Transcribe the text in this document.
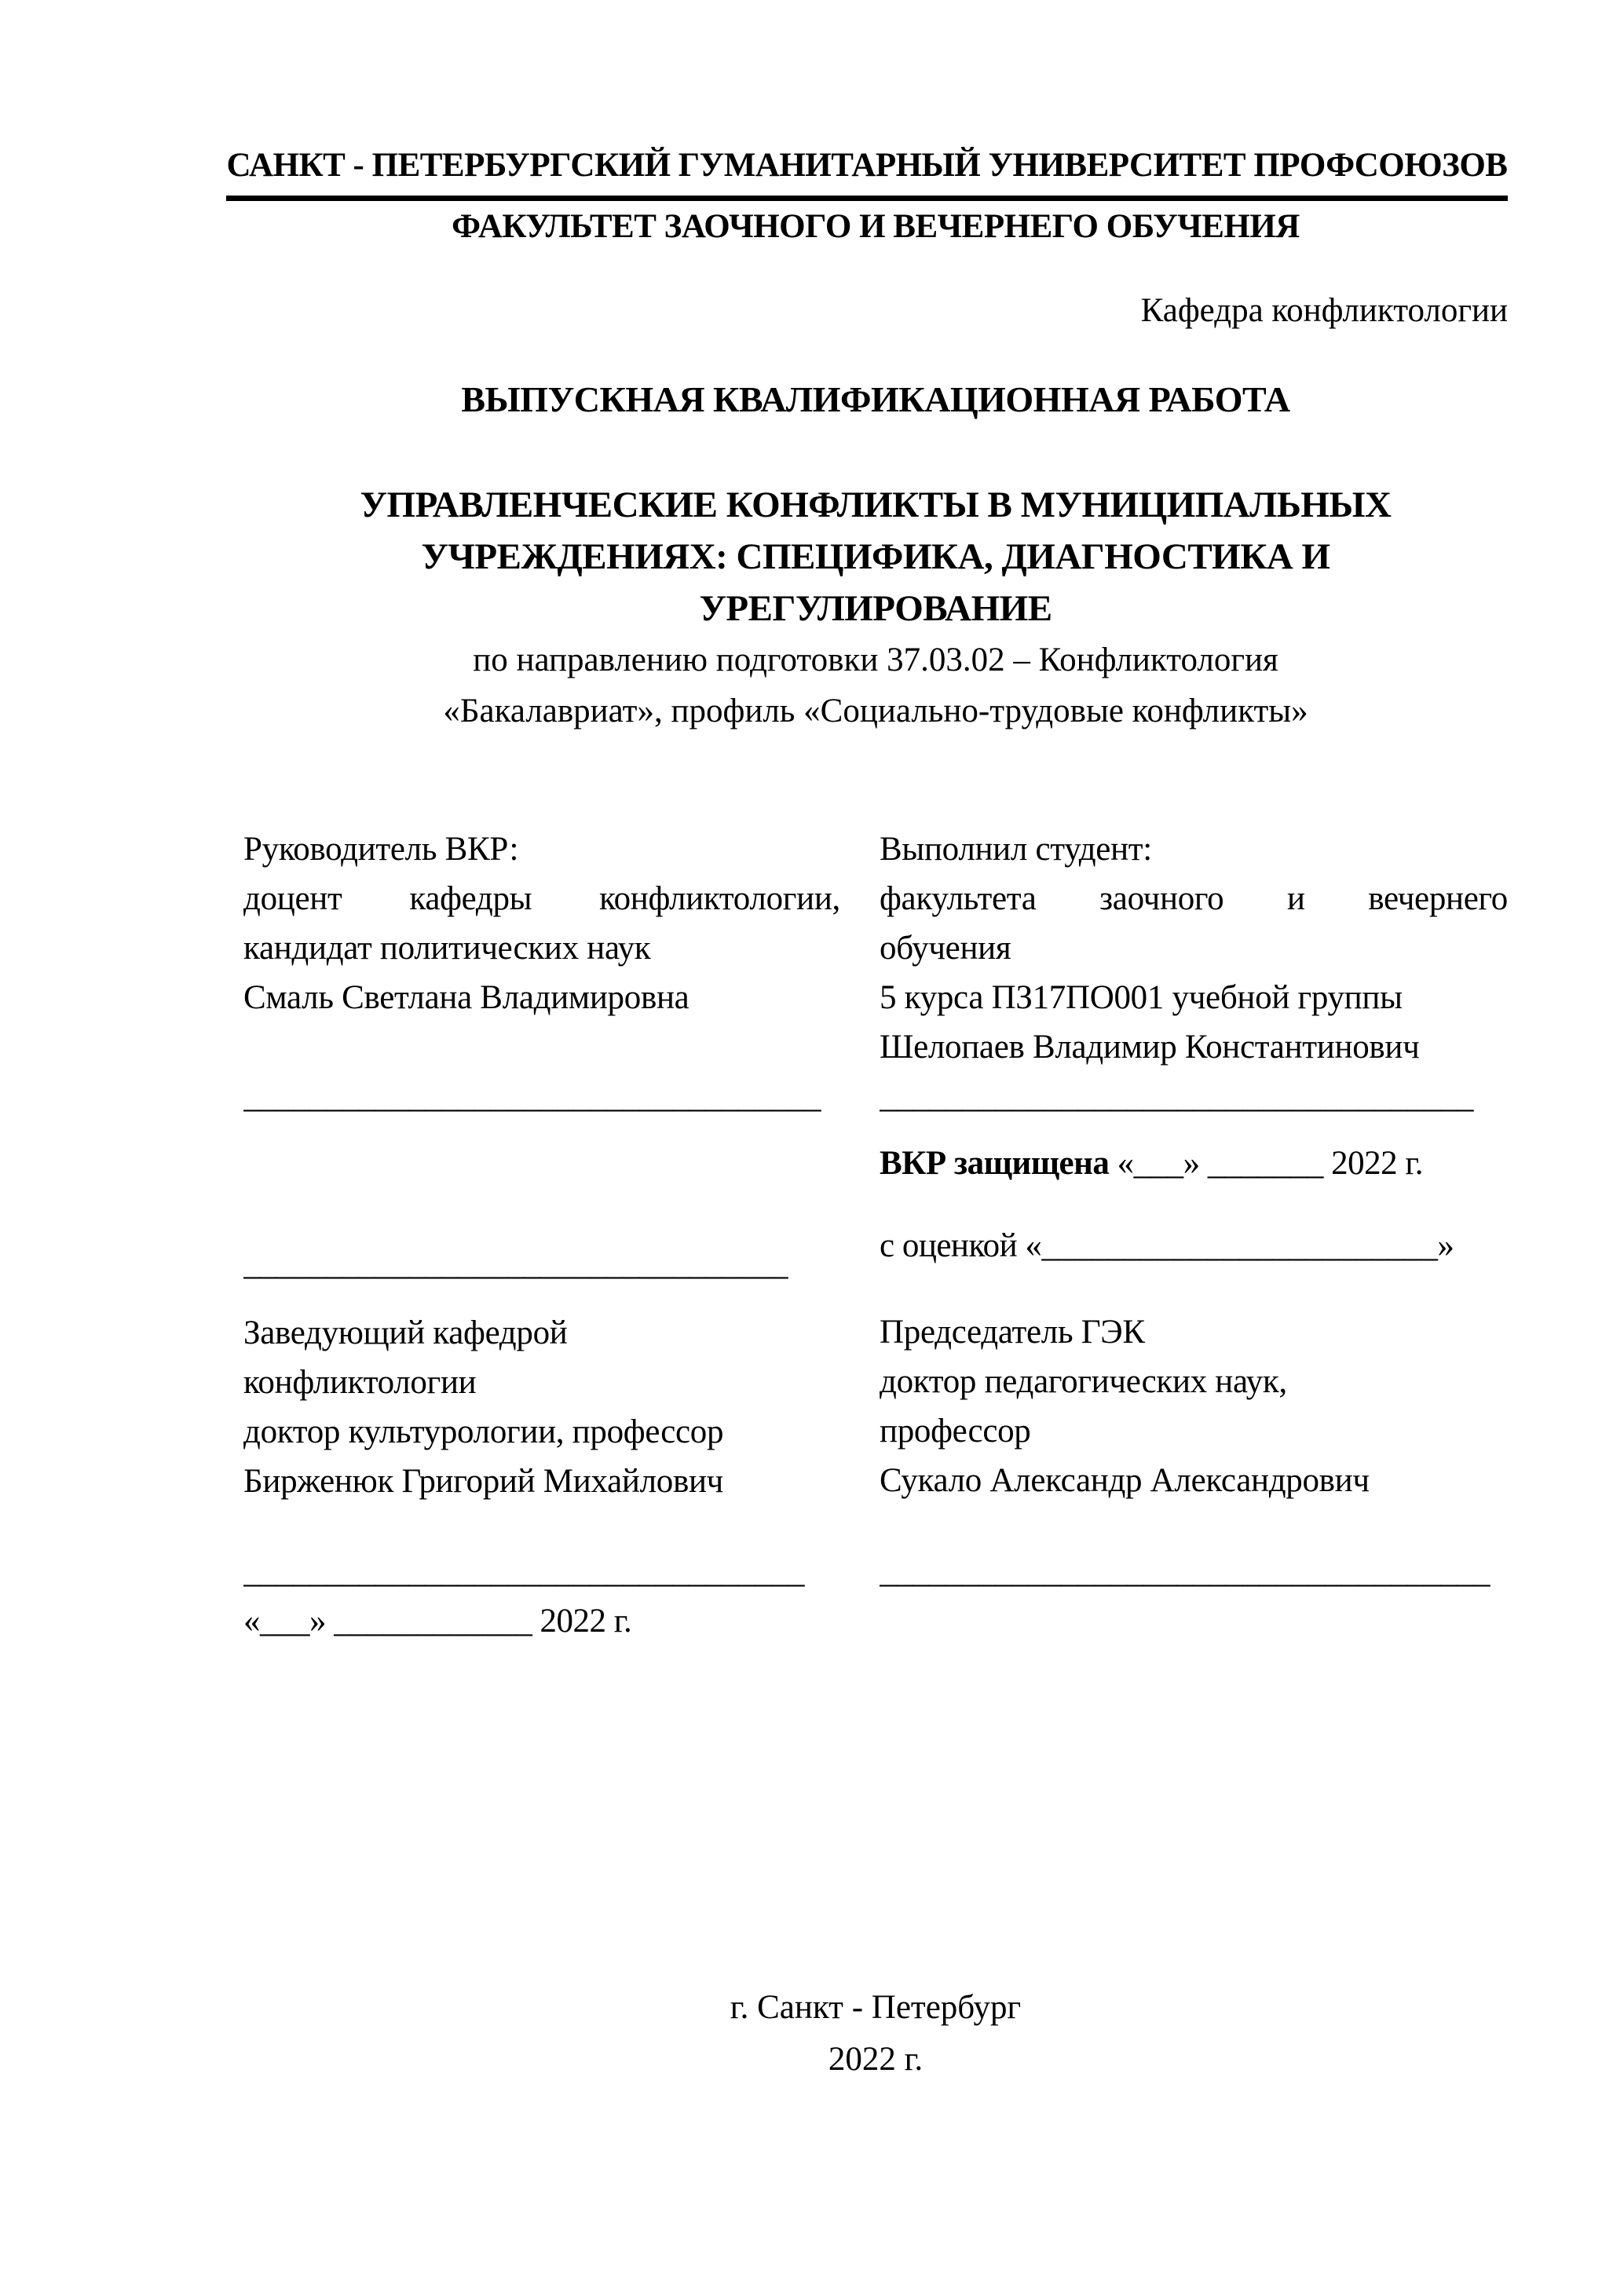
САНКТ - ПЕТЕРБУРГСКИЙ ГУМАНИТАРНЫЙ УНИВЕРСИТЕТ ПРОФСОЮЗОВ
ФАКУЛЬТЕТ ЗАОЧНОГО И ВЕЧЕРНЕГО ОБУЧЕНИЯ

Кафедра конфликтологии

ВЫПУСКНАЯ КВАЛИФИКАЦИОННАЯ РАБОТА

УПРАВЛЕНЧЕСКИЕ КОНФЛИКТЫ В МУНИЦИПАЛЬНЫХ
УЧРЕЖДЕНИЯХ: СПЕЦИФИКА, ДИАГНОСТИКА И
УРЕГУЛИРОВАНИЕ

по направлению подготовки 37.03.02 – Конфликтология

«Бакалавриат», профиль «Социально-трудовые конфликты»

Руководитель ВКР:

доцент кафедры конфликтологии,

кандидат политических наук

Смаль Светлана Владимировна

___________________________________

_________________________________

Заведующий кафедрой

конфликтологии

доктор культурологии, профессор

Бирженюк Григорий Михайлович

__________________________________

«___» ____________ 2022 г.

Выполнил студент:

факультета заочного и вечернего

обучения

5 курса ПЗ17ПО001 учебной группы

Шелопаев Владимир Константинович

____________________________________

ВКР защищена «___» _______ 2022 г.

с оценкой «________________________»

Председатель ГЭК

доктор педагогических наук,

профессор

Сукало Александр Александрович

_____________________________________

г. Санкт - Петербург

2022 г.
